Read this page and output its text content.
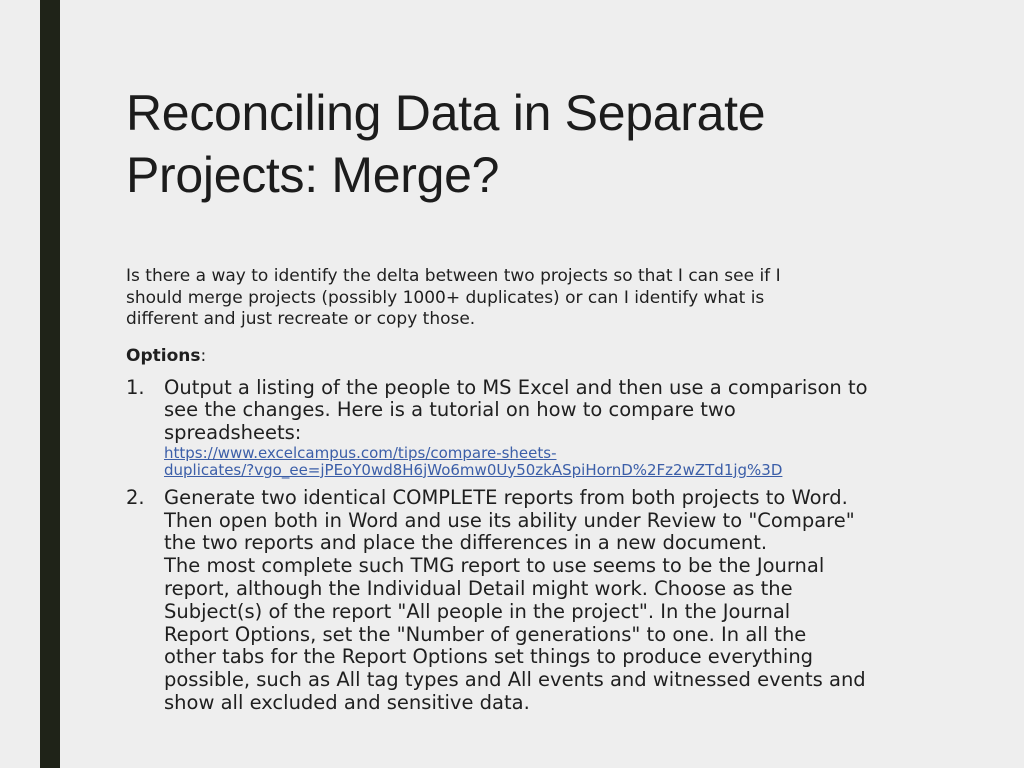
Reconciling Data in Separate
Projects: Merge?

Is there a way to identify the delta between two projects so that I can see if I
should merge projects (possibly 1000+ duplicates) or can I identify what is
different and just recreate or copy those.

Options:

1. Output a listing of the people to MS Excel and then use a comparison to
see the changes. Here is a tutorial on how to compare two
spreadsheets:
https://www.excelcampus.com/tips/compare-sheets-
duplicates/?vgo_ee=jPEoY0wd8H6jWo6mw0Uy50zkASpiHornD%2Fz2wZTd1jg%3D
2. Generate two identical COMPLETE reports from both projects to Word.
Then open both in Word and use its ability under Review to "Compare"
the two reports and place the differences in a new document.
The most complete such TMG report to use seems to be the Journal
report, although the Individual Detail might work. Choose as the
Subject(s) of the report "All people in the project". In the Journal
Report Options, set the "Number of generations" to one. In all the
other tabs for the Report Options set things to produce everything
possible, such as All tag types and All events and witnessed events and
show all excluded and sensitive data.
